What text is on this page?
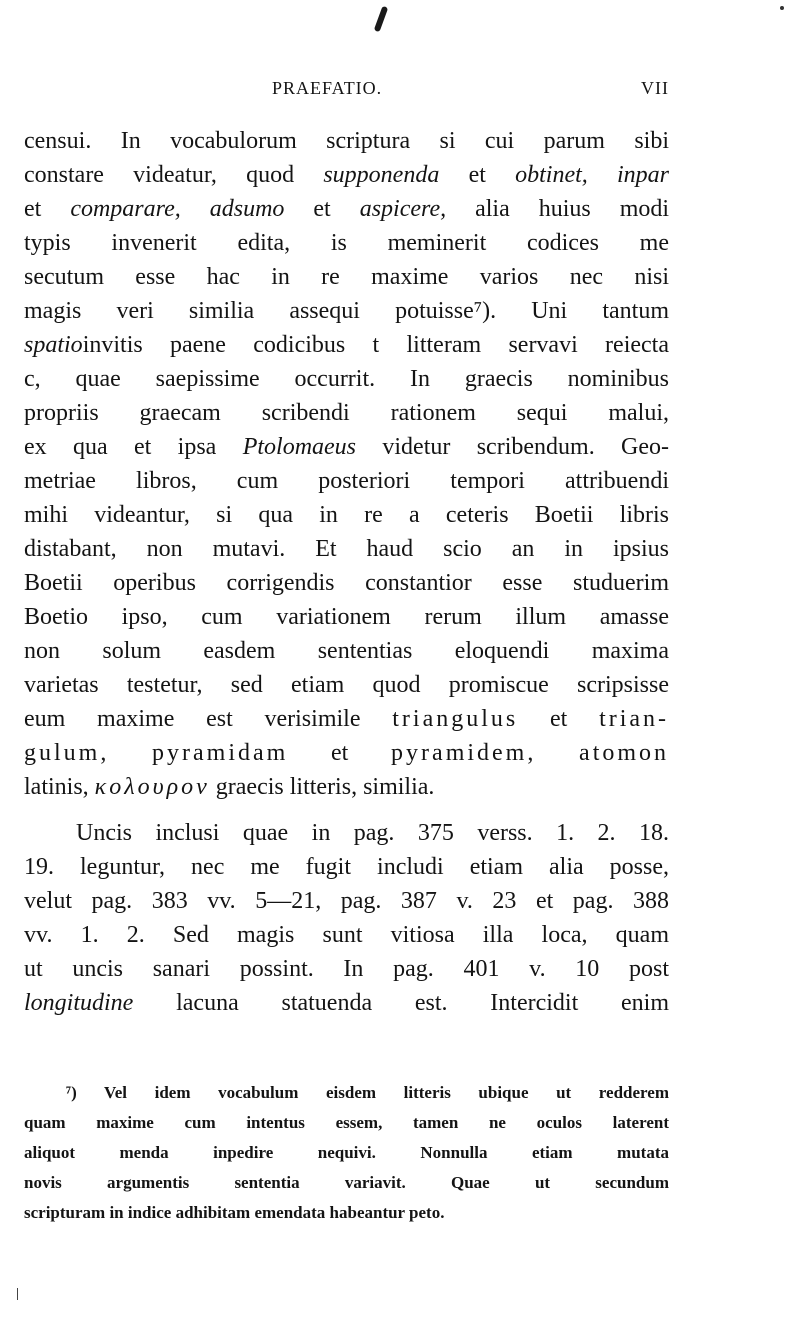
PRAEFATIO.	VII
censui. In vocabulorum scriptura si cui parum sibi
constare videatur, quod supponenda et obtinet, inpar
et comparare, adsumo et aspicere, alia huius modi
typis invenerit edita, is meminerit codices me
secutum esse hac in re maxime varios nec nisi
magis veri similia assequi potuisse⁷). Uni tantum
spatioinvitis paene codicibus t litteram servavi reiecta
c, quae saepissime occurrit. In graecis nominibus
propriis graecam scribendi rationem sequi malui,
ex qua et ipsa Ptolomaeus videtur scribendum. Geo-
metriae libros, cum posteriori tempori attribuendi
mihi videantur, si qua in re a ceteris Boetii libris
distabant, non mutavi. Et haud scio an in ipsius
Boetii operibus corrigendis constantior esse studuerim
Boetio ipso, cum variationem rerum illum amasse
non solum easdem sententias eloquendi maxima
varietas testetur, sed etiam quod promiscue scripsisse
eum maxime est verisimile triangulus et trian-
gulum, pyramidam et pyramidem, atomon
latinis, κολουρον graecis litteris, similia.
Uncis inclusi quae in pag. 375 verss. 1. 2. 18.
19. leguntur, nec me fugit includi etiam alia posse,
velut pag. 383 vv. 5—21, pag. 387 v. 23 et pag. 388
vv. 1. 2. Sed magis sunt vitiosa illa loca, quam
ut uncis sanari possint. In pag. 401 v. 10 post
longitudine lacuna statuenda est. Intercidit enim
⁷) Vel idem vocabulum eisdem litteris ubique ut redderem
quam maxime cum intentus essem, tamen ne oculos laterent
aliquot menda inpedire nequivi. Nonnulla etiam mutata
novis argumentis sententia variavit. Quae ut secundum
scripturam in indice adhibitam emendata habeantur peto.
